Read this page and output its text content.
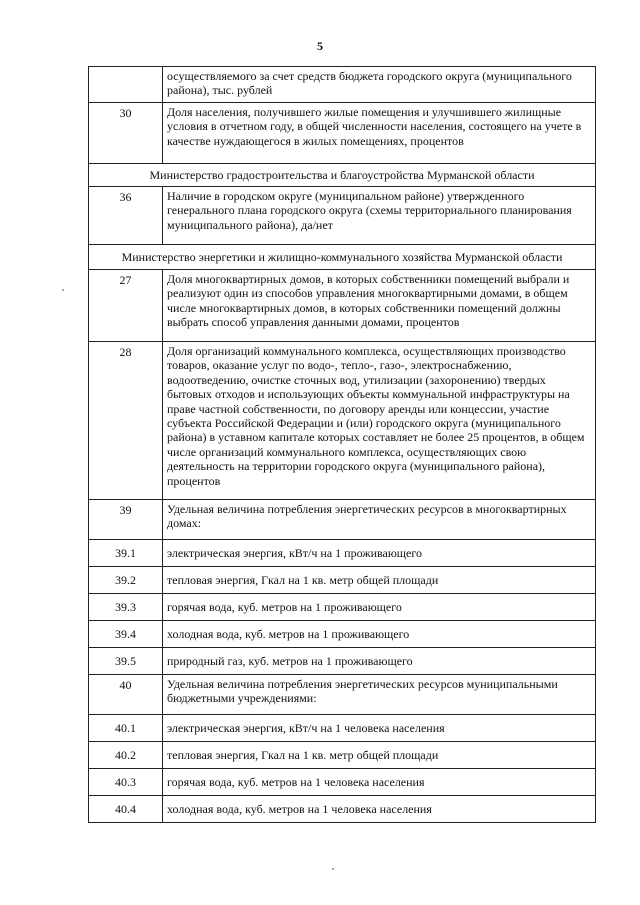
5

	осуществляемого за счет средств бюджета городского округа (муниципального района), тыс. рублей

30	Доля населения, получившего жилые помещения и улучшившего жилищные условия в отчетном году, в общей численности населения, состоящего на учете в качестве нуждающегося в жилых помещениях, процентов

Министерство градостроительства и благоустройства Мурманской области	

36	Наличие в городском округе (муниципальном районе) утвержденного генерального плана городского округа (схемы территориального планирования муниципального района), да/нет

Министерство энергетики и жилищно-коммунального хозяйства Мурманской области	

27	Доля многоквартирных домов, в которых собственники помещений выбрали и реализуют один из способов управления многоквартирными домами, в общем числе многоквартирных домов, в которых собственники помещений должны выбрать способ управления данными домами, процентов

28	Доля организаций коммунального комплекса, осуществляющих производство товаров, оказание услуг по водо-, тепло-, газо-, электроснабжению, водоотведению, очистке сточных вод, утилизации (захоронению) твердых бытовых отходов и использующих объекты коммунальной инфраструктуры на праве частной собственности, по договору аренды или концессии, участие субъекта Российской Федерации и (или) городского округа (муниципального района) в уставном капитале которых составляет не более 25 процентов, в общем числе организаций коммунального комплекса, осуществляющих свою деятельность на территории городского округа (муниципального района), процентов

39	Удельная величина потребления энергетических ресурсов в многоквартирных домах:

39.1	электрическая энергия, кВт/ч на 1 проживающего
39.2	тепловая энергия, Гкал на 1 кв. метр общей площади
39.3	горячая вода, куб. метров на 1 проживающего
39.4	холодная вода, куб. метров на 1 проживающего
39.5	природный газ, куб. метров на 1 проживающего

40	Удельная величина потребления энергетических ресурсов муниципальными бюджетными учреждениями:

40.1	электрическая энергия, кВт/ч на 1 человека населения
40.2	тепловая энергия, Гкал на 1 кв. метр общей площади
40.3	горячая вода, куб. метров на 1 человека населения
40.4	холодная вода, куб. метров на 1 человека населения
